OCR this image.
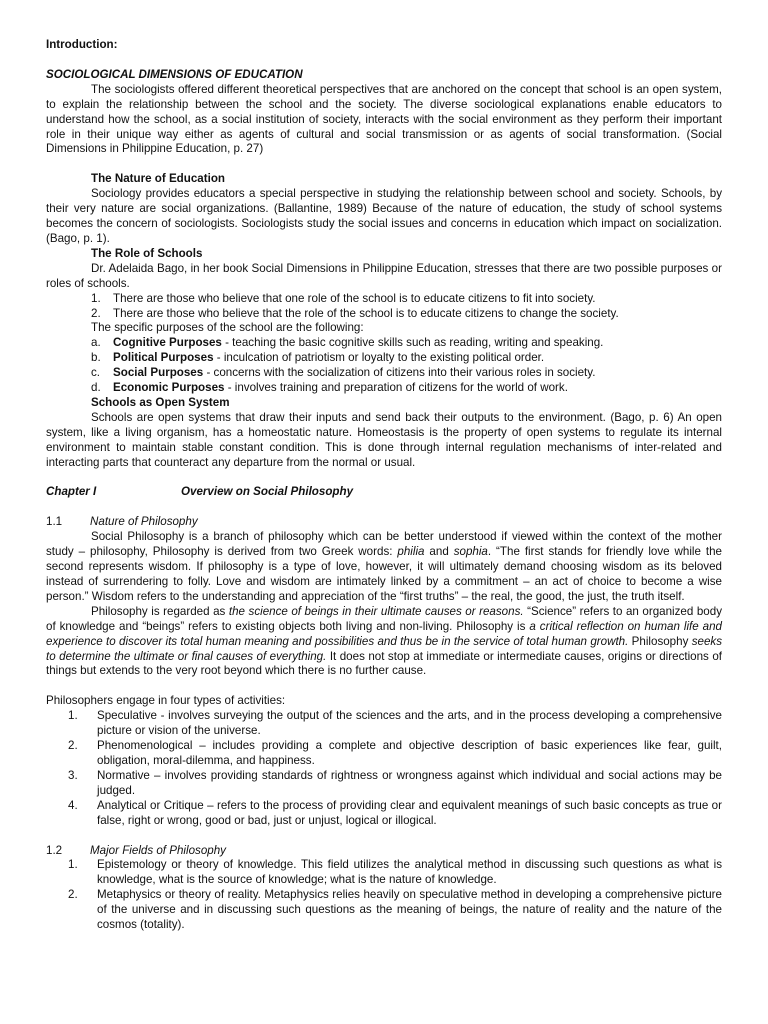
Introduction:

SOCIOLOGICAL DIMENSIONS OF EDUCATION

The sociologists offered different theoretical perspectives that are anchored on the concept that school is an open system, to explain the relationship between the school and the society. The diverse sociological explanations enable educators to understand how the school, as a social institution of society, interacts with the social environment as they perform their important role in their unique way either as agents of cultural and social transmission or as agents of social transformation. (Social Dimensions in Philippine Education, p. 27)

The Nature of Education

Sociology provides educators a special perspective in studying the relationship between school and society. Schools, by their very nature are social organizations. (Ballantine, 1989) Because of the nature of education, the study of school systems becomes the concern of sociologists. Sociologists study the social issues and concerns in education which impact on socialization. (Bago, p. 1).

The Role of Schools

Dr. Adelaida Bago, in her book Social Dimensions in Philippine Education, stresses that there are two possible purposes or roles of schools.

1. There are those who believe that one role of the school is to educate citizens to fit into society.
2. There are those who believe that the role of the school is to educate citizens to change the society.

The specific purposes of the school are the following:

a. Cognitive Purposes - teaching the basic cognitive skills such as reading, writing and speaking.
b. Political Purposes - inculcation of patriotism or loyalty to the existing political order.
c. Social Purposes - concerns with the socialization of citizens into their various roles in society.
d. Economic Purposes - involves training and preparation of citizens for the world of work.

Schools as Open System

Schools are open systems that draw their inputs and send back their outputs to the environment. (Bago, p. 6) An open system, like a living organism, has a homeostatic nature. Homeostasis is the property of open systems to regulate its internal environment to maintain stable constant condition. This is done through internal regulation mechanisms of inter-related and interacting parts that counteract any departure from the normal or usual.

Chapter I	Overview on Social Philosophy
1.1	Nature of Philosophy

Social Philosophy is a branch of philosophy which can be better understood if viewed within the context of the mother study – philosophy, Philosophy is derived from two Greek words: philia and sophia. “The first stands for friendly love while the second represents wisdom. If philosophy is a type of love, however, it will ultimately demand choosing wisdom as its beloved instead of surrendering to folly. Love and wisdom are intimately linked by a commitment – an act of choice to become a wise person.” Wisdom refers to the understanding and appreciation of the “first truths” – the real, the good, the just, the truth itself.

Philosophy is regarded as the science of beings in their ultimate causes or reasons. “Science” refers to an organized body of knowledge and “beings” refers to existing objects both living and non-living. Philosophy is a critical reflection on human life and experience to discover its total human meaning and possibilities and thus be in the service of total human growth. Philosophy seeks to determine the ultimate or final causes of everything. It does not stop at immediate or intermediate causes, origins or directions of things but extends to the very root beyond which there is no further cause.

Philosophers engage in four types of activities:

1. Speculative - involves surveying the output of the sciences and the arts, and in the process developing a comprehensive picture or vision of the universe.
2. Phenomenological – includes providing a complete and objective description of basic experiences like fear, guilt, obligation, moral-dilemma, and happiness.
3. Normative – involves providing standards of rightness or wrongness against which individual and social actions may be judged.
4. Analytical or Critique – refers to the process of providing clear and equivalent meanings of such basic concepts as true or false, right or wrong, good or bad, just or unjust, logical or illogical.
1.2	Major Fields of Philosophy
1. Epistemology or theory of knowledge. This field utilizes the analytical method in discussing such questions as what is knowledge, what is the source of knowledge; what is the nature of knowledge.
2. Metaphysics or theory of reality. Metaphysics relies heavily on speculative method in developing a comprehensive picture of the universe and in discussing such questions as the meaning of beings, the nature of reality and the nature of the cosmos (totality).
